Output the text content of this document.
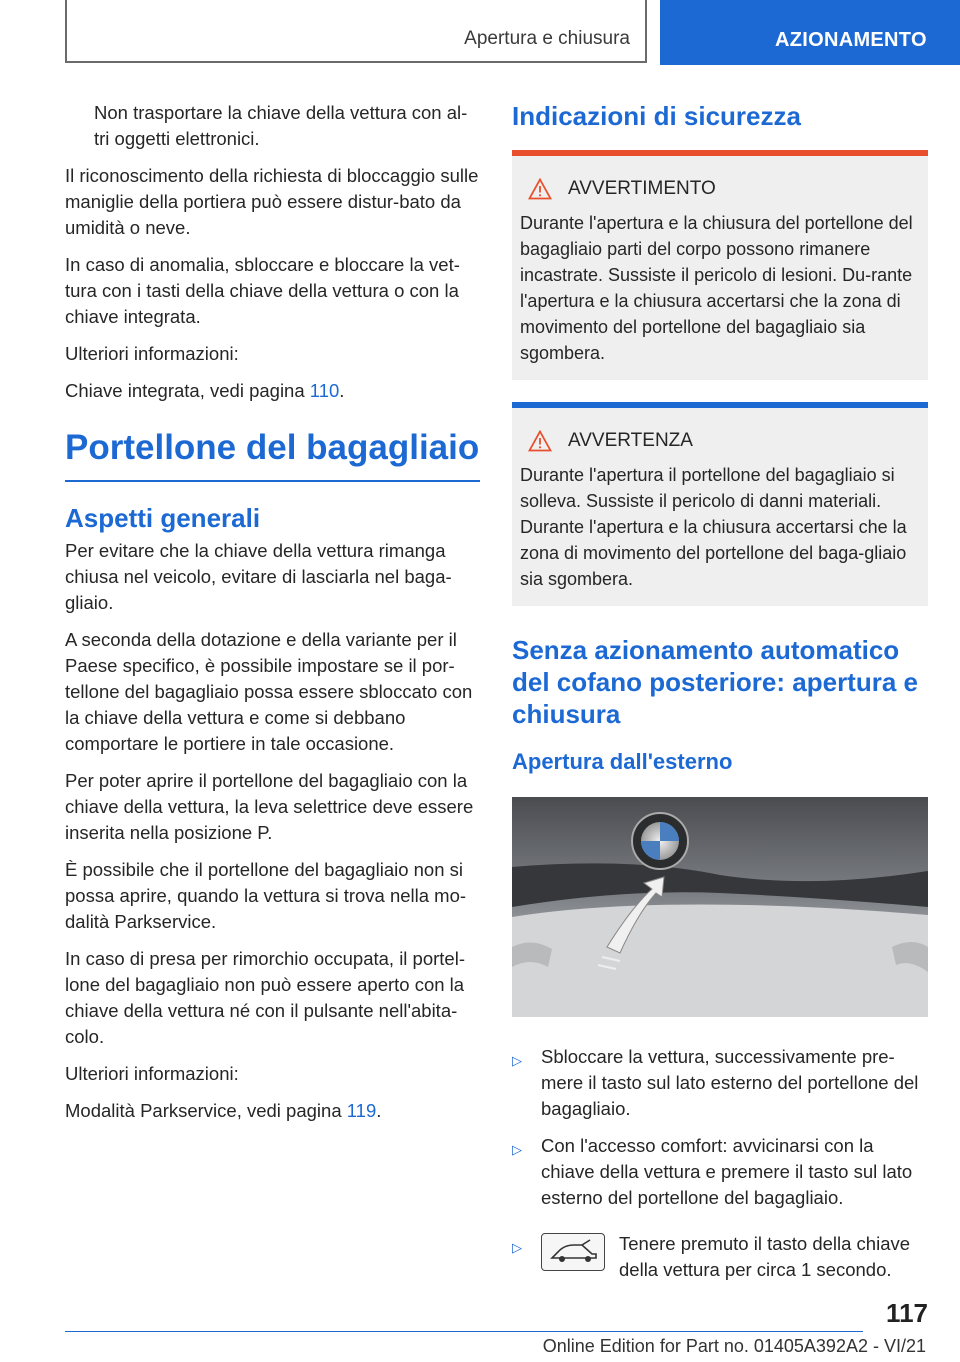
Apertura e chiusura	AZIONAMENTO

Non trasportare la chiave della vettura con al-tri oggetti elettronici.

Il riconoscimento della richiesta di bloccaggio sulle maniglie della portiera può essere distur-bato da umidità o neve.

In caso di anomalia, sbloccare e bloccare la vet-tura con i tasti della chiave della vettura o con la chiave integrata.

Ulteriori informazioni:

Chiave integrata, vedi pagina 110.

Portellone del bagagliaio
Aspetti generali

Per evitare che la chiave della vettura rimanga chiusa nel veicolo, evitare di lasciarla nel baga-gliaio.

A seconda della dotazione e della variante per il Paese specifico, è possibile impostare se il por-tellone del bagagliaio possa essere sbloccato con la chiave della vettura e come si debbano comportare le portiere in tale occasione.

Per poter aprire il portellone del bagagliaio con la chiave della vettura, la leva selettrice deve essere inserita nella posizione P.

È possibile che il portellone del bagagliaio non si possa aprire, quando la vettura si trova nella mo-dalità Parkservice.

In caso di presa per rimorchio occupata, il portel-lone del bagagliaio non può essere aperto con la chiave della vettura né con il pulsante nell'abita-colo.

Ulteriori informazioni:

Modalità Parkservice, vedi pagina 119.

Indicazioni di sicurezza
AVVERTIMENTO
Durante l'apertura e la chiusura del portellone del bagagliaio parti del corpo possono rimanere incastrate. Sussiste il pericolo di lesioni. Du-rante l'apertura e la chiusura accertarsi che la zona di movimento del portellone del bagagliaio sia sgombera.
AVVERTENZA
Durante l'apertura il portellone del bagagliaio si solleva. Sussiste il pericolo di danni materiali. Durante l'apertura e la chiusura accertarsi che la zona di movimento del portellone del baga-gliaio sia sgombera.
Senza azionamento automatico del cofano posteriore: apertura e chiusura
Apertura dall'esterno
▷ Sbloccare la vettura, successivamente pre-mere il tasto sul lato esterno del portellone del bagagliaio.
▷ Con l'accesso comfort: avvicinarsi con la chiave della vettura e premere il tasto sul lato esterno del portellone del bagagliaio.
▷	Tenere premuto il tasto della chiave della vettura per circa 1 secondo.
117
Online Edition for Part no. 01405A392A2 - VI/21
